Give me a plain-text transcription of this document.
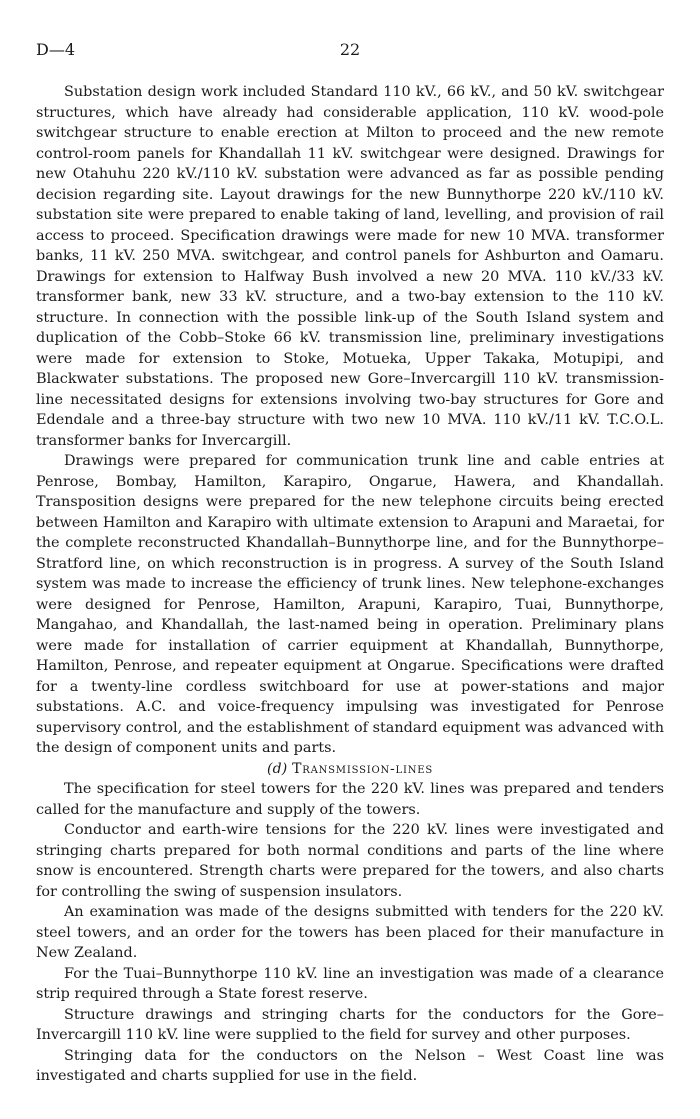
D—4	22

Substation design work included Standard 110 kV., 66 kV., and 50 kV. switchgear structures, which have already had considerable application, 110 kV. wood-pole switchgear structure to enable erection at Milton to proceed and the new remote control-room panels for Khandallah 11 kV. switchgear were designed. Drawings for new Otahuhu 220 kV./110 kV. substation were advanced as far as possible pending decision regarding site. Layout drawings for the new Bunnythorpe 220 kV./110 kV. substation site were prepared to enable taking of land, levelling, and provision of rail access to proceed. Specification drawings were made for new 10 MVA. transformer banks, 11 kV. 250 MVA. switchgear, and control panels for Ashburton and Oamaru. Drawings for extension to Halfway Bush involved a new 20 MVA. 110 kV./33 kV. transformer bank, new 33 kV. structure, and a two-bay extension to the 110 kV. structure. In connection with the possible link-up of the South Island system and duplication of the Cobb–Stoke 66 kV. transmission line, preliminary investigations were made for extension to Stoke, Motueka, Upper Takaka, Motupipi, and Blackwater substations. The proposed new Gore–Invercargill 110 kV. transmission-line necessitated designs for extensions involving two-bay structures for Gore and Edendale and a three-bay structure with two new 10 MVA. 110 kV./11 kV. T.C.O.L. transformer banks for Invercargill.

Drawings were prepared for communication trunk line and cable entries at Penrose, Bombay, Hamilton, Karapiro, Ongarue, Hawera, and Khandallah. Transposition designs were prepared for the new telephone circuits being erected between Hamilton and Karapiro with ultimate extension to Arapuni and Maraetai, for the complete reconstructed Khandallah–Bunnythorpe line, and for the Bunnythorpe–Stratford line, on which reconstruction is in progress. A survey of the South Island system was made to increase the efficiency of trunk lines. New telephone-exchanges were designed for Penrose, Hamilton, Arapuni, Karapiro, Tuai, Bunnythorpe, Mangahao, and Khandallah, the last-named being in operation. Preliminary plans were made for installation of carrier equipment at Khandallah, Bunnythorpe, Hamilton, Penrose, and repeater equipment at Ongarue. Specifications were drafted for a twenty-line cordless switchboard for use at power-stations and major substations. A.C. and voice-frequency impulsing was investigated for Penrose supervisory control, and the establishment of standard equipment was advanced with the design of component units and parts.

(d) Transmission-lines

The specification for steel towers for the 220 kV. lines was prepared and tenders called for the manufacture and supply of the towers.

Conductor and earth-wire tensions for the 220 kV. lines were investigated and stringing charts prepared for both normal conditions and parts of the line where snow is encountered. Strength charts were prepared for the towers, and also charts for controlling the swing of suspension insulators.

An examination was made of the designs submitted with tenders for the 220 kV. steel towers, and an order for the towers has been placed for their manufacture in New Zealand.

For the Tuai–Bunnythorpe 110 kV. line an investigation was made of a clearance strip required through a State forest reserve.

Structure drawings and stringing charts for the conductors for the Gore–Invercargill 110 kV. line were supplied to the field for survey and other purposes.

Stringing data for the conductors on the Nelson – West Coast line was investigated and charts supplied for use in the field.
